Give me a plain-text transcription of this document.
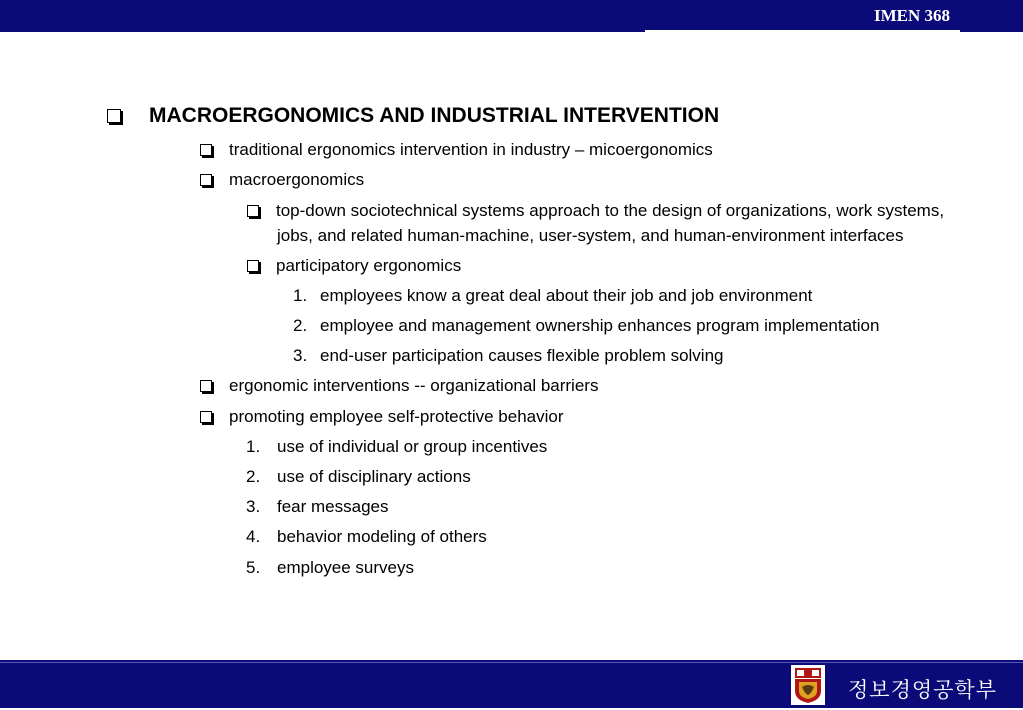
IMEN 368
MACROERGONOMICS AND INDUSTRIAL INTERVENTION
traditional ergonomics intervention in industry – micoergonomics
macroergonomics
top-down sociotechnical systems approach to the design of organizations, work systems,
jobs, and related human-machine, user-system, and human-environment interfaces
participatory ergonomics
1. employees know a great deal about their job and job environment
2. employee and management ownership enhances program implementation
3. end-user participation causes flexible problem solving
ergonomic interventions -- organizational barriers
promoting employee self-protective behavior
1. use of individual or group incentives
2. use of disciplinary actions
3. fear messages
4. behavior modeling of others
5. employee surveys
정보경영공학부
